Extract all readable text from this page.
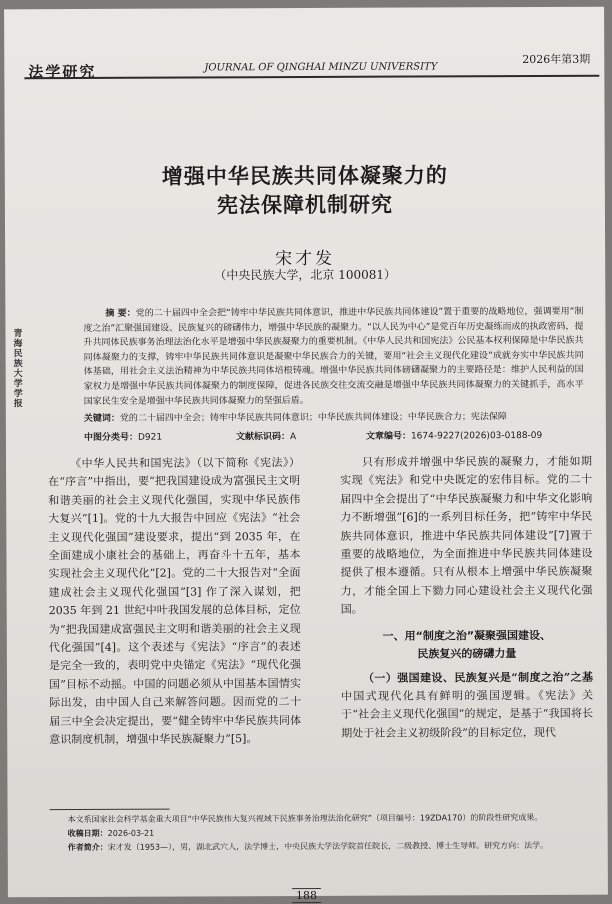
法学研究	JOURNAL OF QINGHAI MINZU UNIVERSITY
2026年第3期
青海民族大学学报
增强中华民族共同体凝聚力的
宪法保障机制研究
宋才发
（中央民族大学，北京 100081）
摘 要：党的二十届四中全会把“铸牢中华民族共同体意识，推进中华民族共同体建设”置于重要的战略地位，强调要用“制度之治”汇聚强国建设、民族复兴的磅礴伟力，增强中华民族的凝聚力。“以人民为中心”是党百年历史凝练而成的执政密码，提升共同体民族事务治理法治化水平是增强中华民族凝聚力的重要机制。《中华人民共和国宪法》公民基本权利保障是中华民族共同体凝聚力的支撑，铸牢中华民族共同体意识是凝聚中华民族合力的关键，要用“社会主义现代化建设”成就夯实中华民族共同体基础，用社会主义法治精神为中华民族共同体培根铸魂。增强中华民族共同体磅礴凝聚力的主要路径是：维护人民利益的国家权力是增强中华民族共同体凝聚力的制度保障，促进各民族交往交流交融是增强中华民族共同体凝聚力的关键抓手，高水平国家民生安全是增强中华民族共同体凝聚力的坚强后盾。
关键词：党的二十届四中全会；铸牢中华民族共同体意识；中华民族共同体建设；中华民族合力；宪法保障
中图分类号：D921	文献标识码：A	文章编号：1674-9227(2026)03-0188-09

《中华人民共和国宪法》（以下简称《宪法》）在“序言”中指出，要“把我国建设成为富强民主文明和谐美丽的社会主义现代化强国，实现中华民族伟大复兴”[1]。党的十九大报告中回应《宪法》“社会主义现代化强国”建设要求，提出“到 2035 年，在全面建成小康社会的基础上，再奋斗十五年，基本实现社会主义现代化”[2]。党的二十大报告对“全面建成社会主义现代化强国”[3] 作了深入谋划，把 2035 年到 21 世纪中叶我国发展的总体目标，定位为“把我国建成富强民主文明和谐美丽的社会主义现代化强国”[4]。这个表述与《宪法》“序言”的表述是完全一致的，表明党中央锚定《宪法》“现代化强国”目标不动摇。中国的问题必须从中国基本国情实际出发，由中国人自己来解答问题。因而党的二十届三中全会决定提出，要“健全铸牢中华民族共同体意识制度机制，增强中华民族凝聚力”[5]。

只有形成并增强中华民族的凝聚力，才能如期实现《宪法》和党中央既定的宏伟目标。党的二十届四中全会提出了“中华民族凝聚力和中华文化影响力不断增强”[6]的一系列目标任务，把“铸牢中华民族共同体意识，推进中华民族共同体建设”[7]置于重要的战略地位，为全面推进中华民族共同体建设提供了根本遵循。只有从根本上增强中华民族凝聚力，才能全国上下勠力同心建设社会主义现代化强国。

一、用“制度之治”凝聚强国建设、
民族复兴的磅礴力量

（一）强国建设、民族复兴是“制度之治”之基中国式现代化具有鲜明的强国逻辑。《宪法》关于“社会主义现代化强国”的规定，是基于“我国将长期处于社会主义初级阶段”的目标定位，现代

本文系国家社会科学基金重大项目“中华民族伟大复兴视域下民族事务治理法治化研究”（项目编号：19ZDA170）的阶段性研究成果。
收稿日期：2026-03-21
作者简介：宋才发（1953—），男，湖北武穴人，法学博士，中央民族大学法学院首任院长，二级教授、博士生导师。研究方向：法学。
188
